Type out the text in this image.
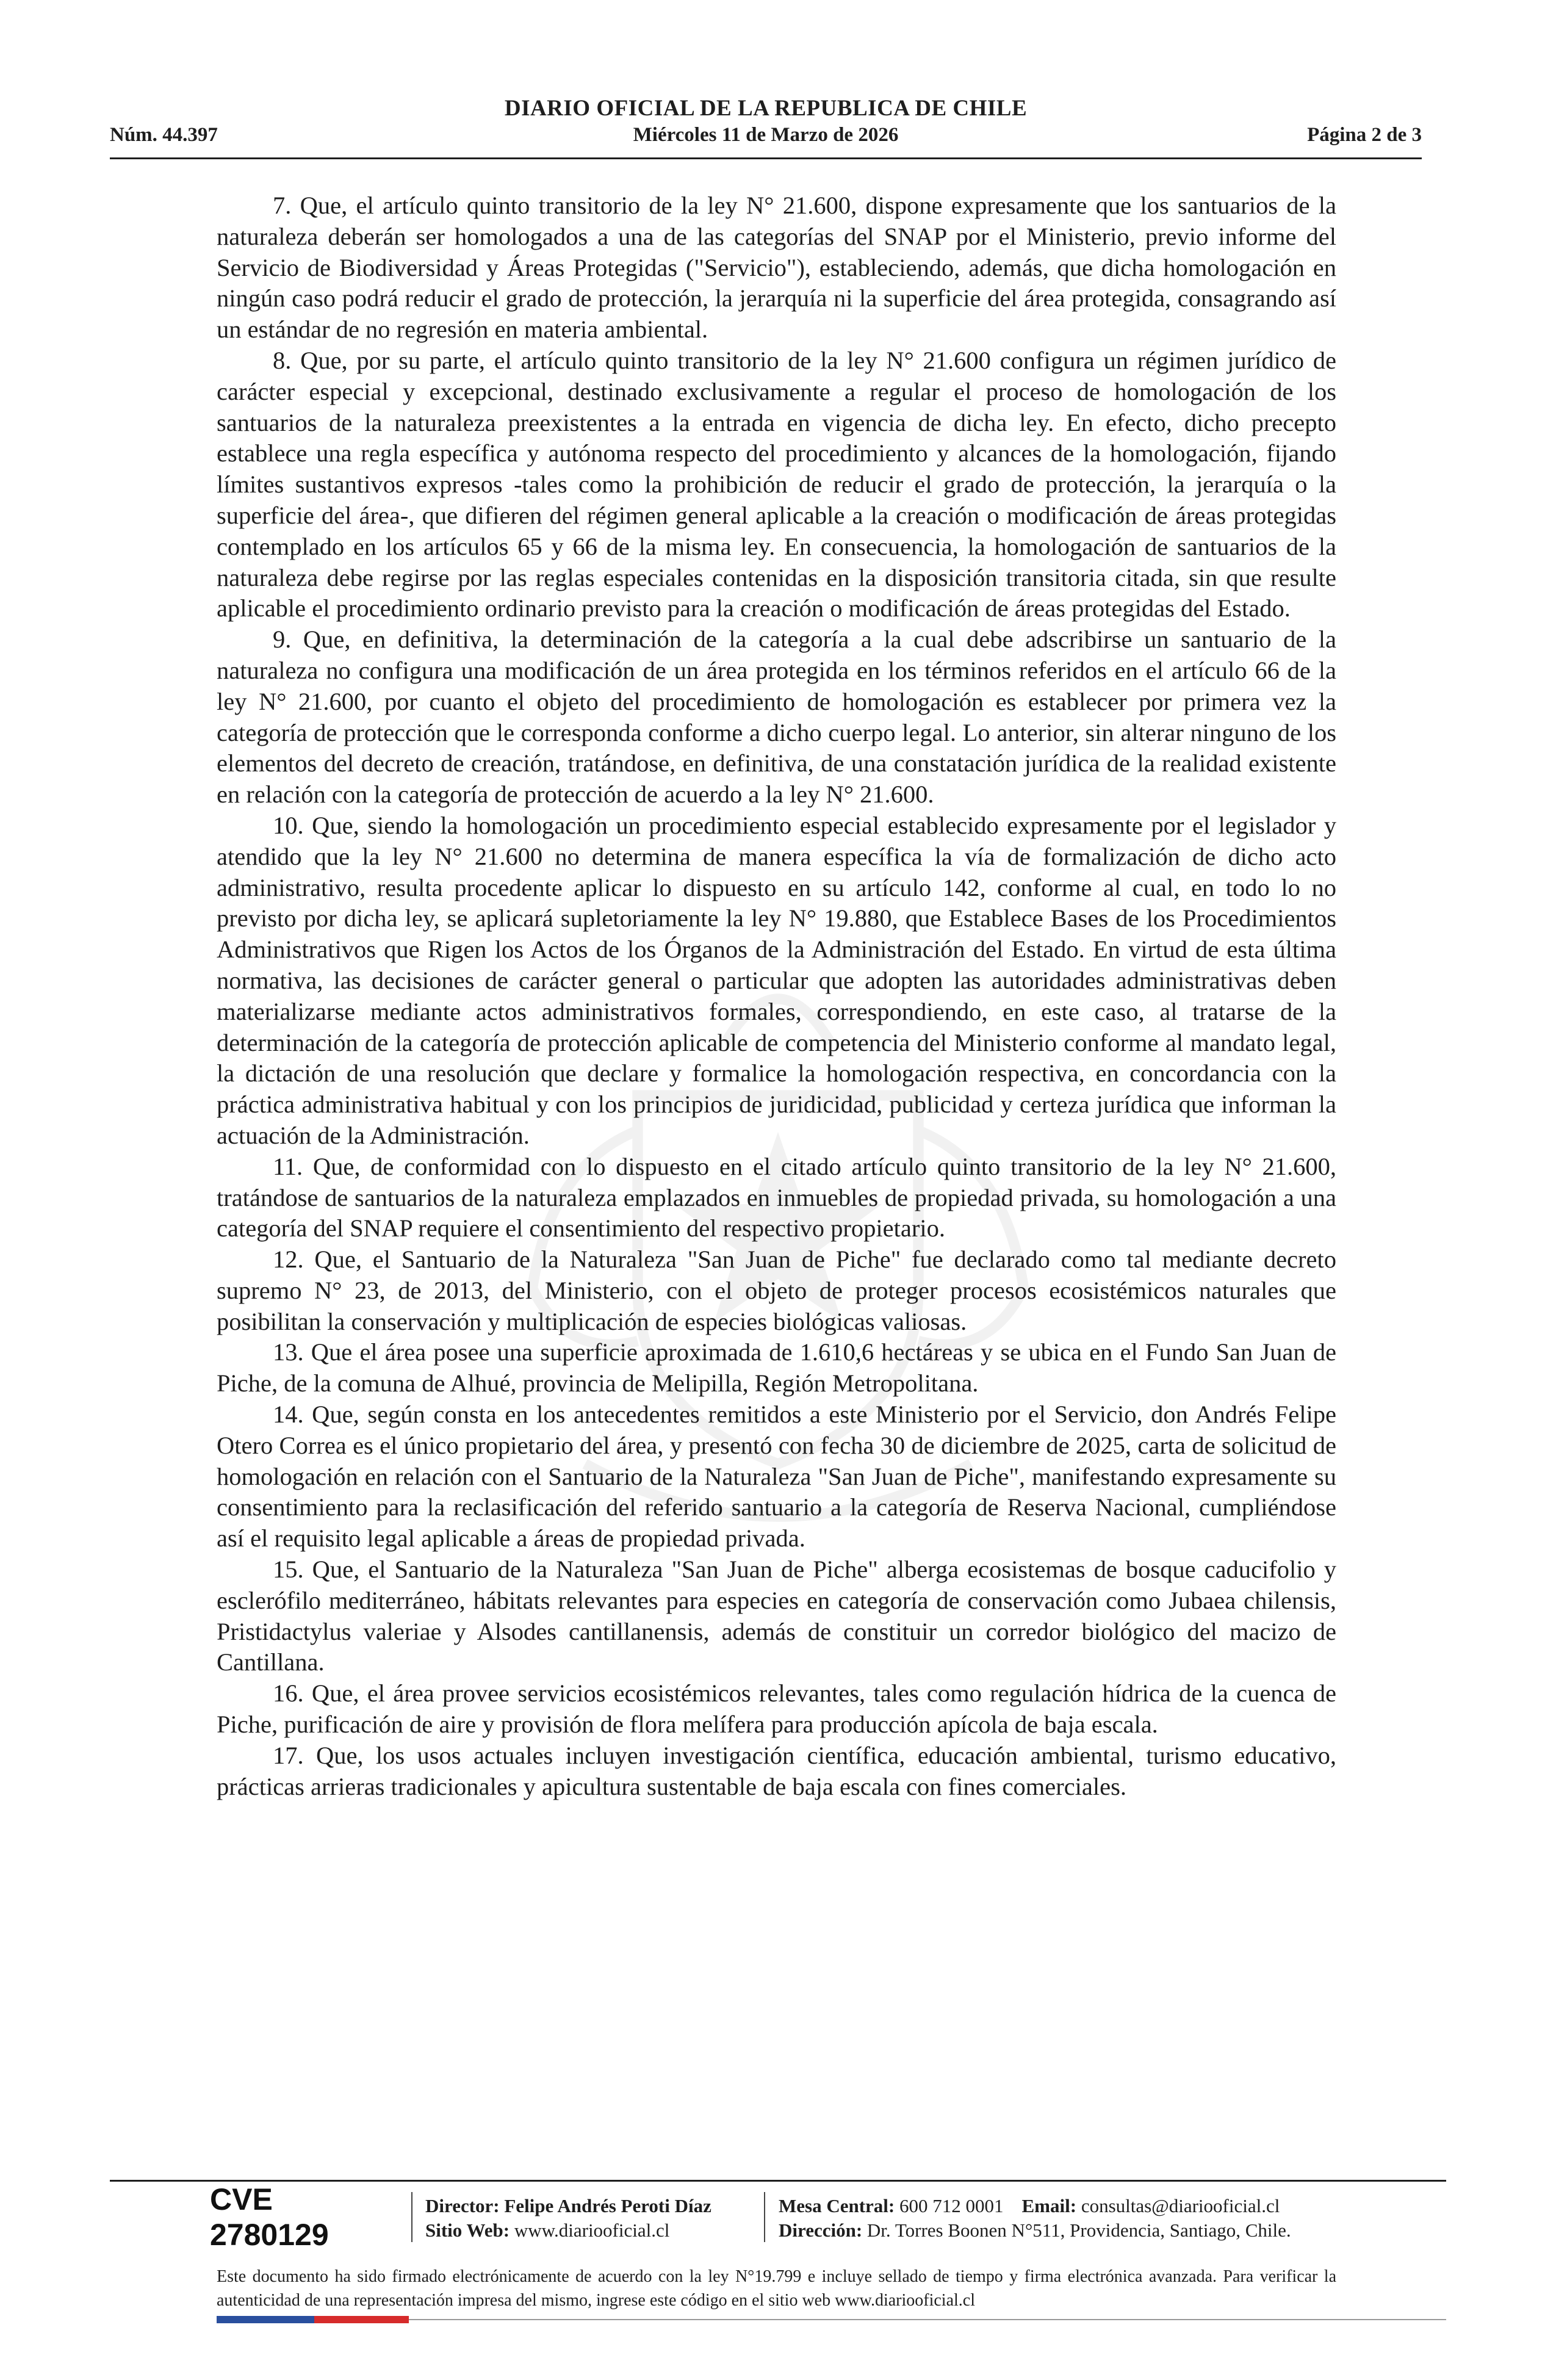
DIARIO OFICIAL DE LA REPUBLICA DE CHILE
Núm. 44.397	Miércoles 11 de Marzo de 2026	Página 2 de 3

7. Que, el artículo quinto transitorio de la ley N° 21.600, dispone expresamente que los santuarios de la naturaleza deberán ser homologados a una de las categorías del SNAP por el Ministerio, previo informe del Servicio de Biodiversidad y Áreas Protegidas ("Servicio"), estableciendo, además, que dicha homologación en ningún caso podrá reducir el grado de protección, la jerarquía ni la superficie del área protegida, consagrando así un estándar de no regresión en materia ambiental.

8. Que, por su parte, el artículo quinto transitorio de la ley N° 21.600 configura un régimen jurídico de carácter especial y excepcional, destinado exclusivamente a regular el proceso de homologación de los santuarios de la naturaleza preexistentes a la entrada en vigencia de dicha ley. En efecto, dicho precepto establece una regla específica y autónoma respecto del procedimiento y alcances de la homologación, fijando límites sustantivos expresos -tales como la prohibición de reducir el grado de protección, la jerarquía o la superficie del área-, que difieren del régimen general aplicable a la creación o modificación de áreas protegidas contemplado en los artículos 65 y 66 de la misma ley. En consecuencia, la homologación de santuarios de la naturaleza debe regirse por las reglas especiales contenidas en la disposición transitoria citada, sin que resulte aplicable el procedimiento ordinario previsto para la creación o modificación de áreas protegidas del Estado.

9. Que, en definitiva, la determinación de la categoría a la cual debe adscribirse un santuario de la naturaleza no configura una modificación de un área protegida en los términos referidos en el artículo 66 de la ley N° 21.600, por cuanto el objeto del procedimiento de homologación es establecer por primera vez la categoría de protección que le corresponda conforme a dicho cuerpo legal. Lo anterior, sin alterar ninguno de los elementos del decreto de creación, tratándose, en definitiva, de una constatación jurídica de la realidad existente en relación con la categoría de protección de acuerdo a la ley N° 21.600.

10. Que, siendo la homologación un procedimiento especial establecido expresamente por el legislador y atendido que la ley N° 21.600 no determina de manera específica la vía de formalización de dicho acto administrativo, resulta procedente aplicar lo dispuesto en su artículo 142, conforme al cual, en todo lo no previsto por dicha ley, se aplicará supletoriamente la ley N° 19.880, que Establece Bases de los Procedimientos Administrativos que Rigen los Actos de los Órganos de la Administración del Estado. En virtud de esta última normativa, las decisiones de carácter general o particular que adopten las autoridades administrativas deben materializarse mediante actos administrativos formales, correspondiendo, en este caso, al tratarse de la determinación de la categoría de protección aplicable de competencia del Ministerio conforme al mandato legal, la dictación de una resolución que declare y formalice la homologación respectiva, en concordancia con la práctica administrativa habitual y con los principios de juridicidad, publicidad y certeza jurídica que informan la actuación de la Administración.

11. Que, de conformidad con lo dispuesto en el citado artículo quinto transitorio de la ley N° 21.600, tratándose de santuarios de la naturaleza emplazados en inmuebles de propiedad privada, su homologación a una categoría del SNAP requiere el consentimiento del respectivo propietario.

12. Que, el Santuario de la Naturaleza "San Juan de Piche" fue declarado como tal mediante decreto supremo N° 23, de 2013, del Ministerio, con el objeto de proteger procesos ecosistémicos naturales que posibilitan la conservación y multiplicación de especies biológicas valiosas.

13. Que el área posee una superficie aproximada de 1.610,6 hectáreas y se ubica en el Fundo San Juan de Piche, de la comuna de Alhué, provincia de Melipilla, Región Metropolitana.

14. Que, según consta en los antecedentes remitidos a este Ministerio por el Servicio, don Andrés Felipe Otero Correa es el único propietario del área, y presentó con fecha 30 de diciembre de 2025, carta de solicitud de homologación en relación con el Santuario de la Naturaleza "San Juan de Piche", manifestando expresamente su consentimiento para la reclasificación del referido santuario a la categoría de Reserva Nacional, cumpliéndose así el requisito legal aplicable a áreas de propiedad privada.

15. Que, el Santuario de la Naturaleza "San Juan de Piche" alberga ecosistemas de bosque caducifolio y esclerófilo mediterráneo, hábitats relevantes para especies en categoría de conservación como Jubaea chilensis, Pristidactylus valeriae y Alsodes cantillanensis, además de constituir un corredor biológico del macizo de Cantillana.

16. Que, el área provee servicios ecosistémicos relevantes, tales como regulación hídrica de la cuenca de Piche, purificación de aire y provisión de flora melífera para producción apícola de baja escala.

17. Que, los usos actuales incluyen investigación científica, educación ambiental, turismo educativo, prácticas arrieras tradicionales y apicultura sustentable de baja escala con fines comerciales.

CVE 2780129
Director: Felipe Andrés Peroti Díaz
Sitio Web: www.diariooficial.cl
Mesa Central: 600 712 0001 Email: consultas@diariooficial.cl
Dirección: Dr. Torres Boonen N°511, Providencia, Santiago, Chile.
Este documento ha sido firmado electrónicamente de acuerdo con la ley N°19.799 e incluye sellado de tiempo y firma electrónica avanzada. Para verificar la autenticidad de una representación impresa del mismo, ingrese este código en el sitio web www.diariooficial.cl
